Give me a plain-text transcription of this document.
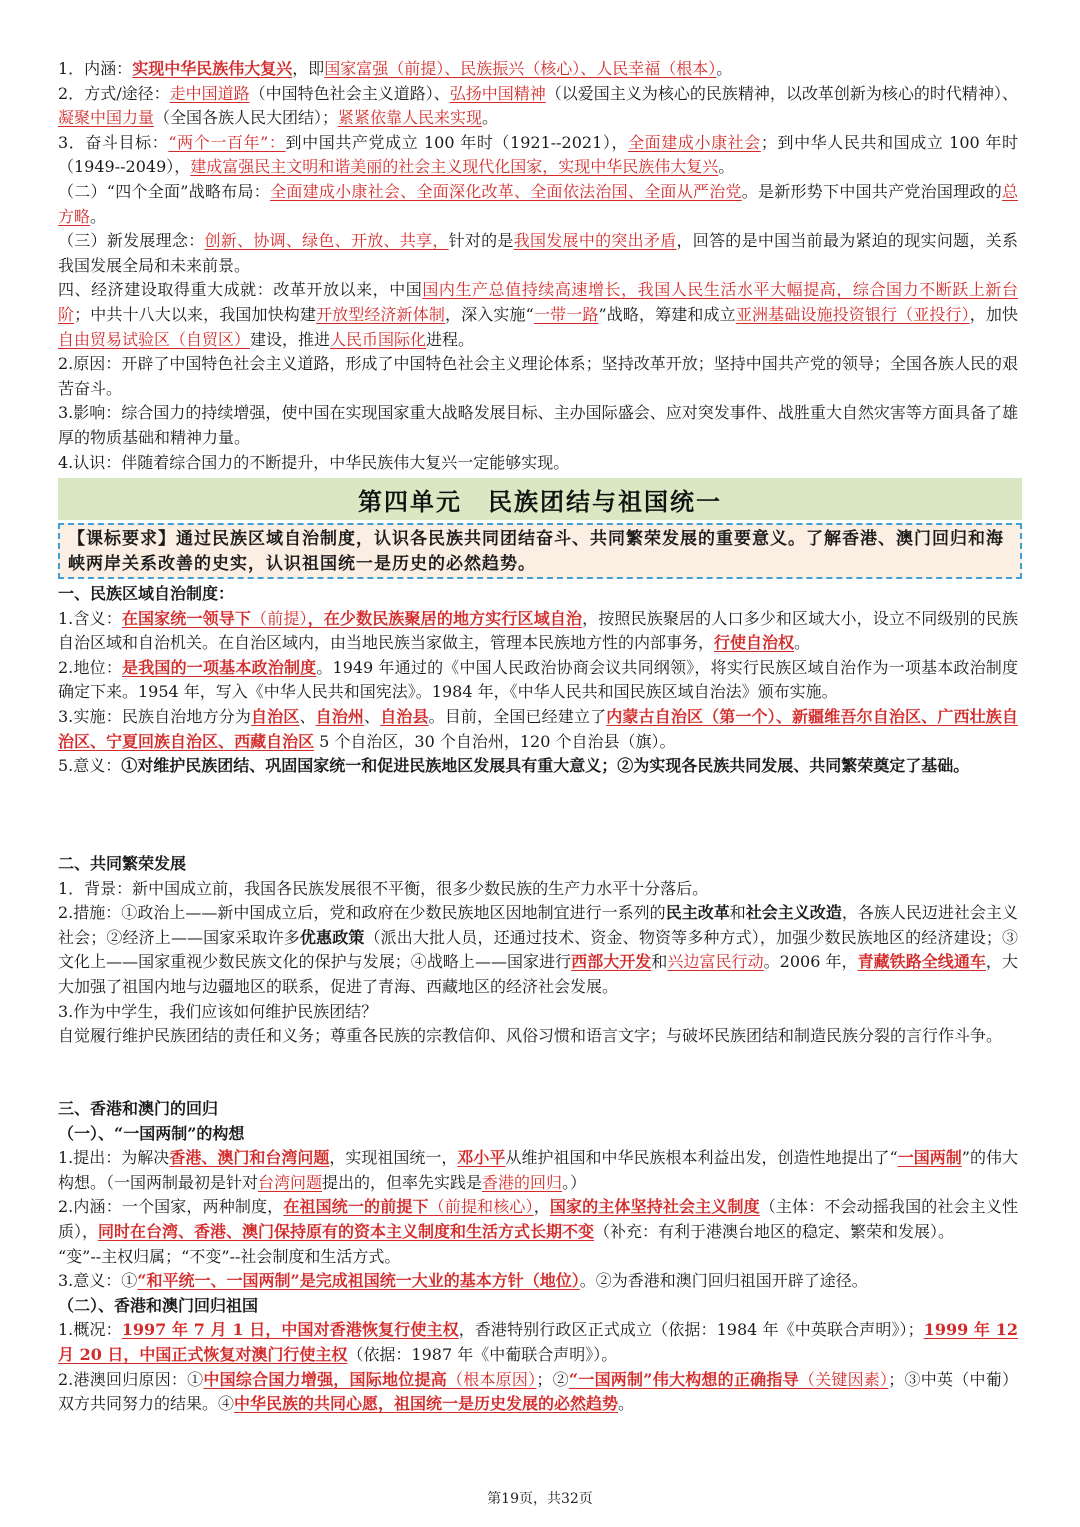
1．内涵：实现中华民族伟大复兴，即国家富强（前提）、民族振兴（核心）、人民幸福（根本）。

2．方式/途径：走中国道路（中国特色社会主义道路）、弘扬中国精神（以爱国主义为核心的民族精神，以改革创新为核心的时代精神）、凝聚中国力量（全国各族人民大团结）；紧紧依靠人民来实现。

3．奋斗目标：“两个一百年”：到中国共产党成立 100 年时（1921--2021），全面建成小康社会；到中华人民共和国成立 100 年时（1949--2049），建成富强民主文明和谐美丽的社会主义现代化国家，实现中华民族伟大复兴。

（二）“四个全面”战略布局：全面建成小康社会、全面深化改革、全面依法治国、全面从严治党。是新形势下中国共产党治国理政的总方略。

（三）新发展理念：创新、协调、绿色、开放、共享，针对的是我国发展中的突出矛盾，回答的是中国当前最为紧迫的现实问题，关系我国发展全局和未来前景。

四、经济建设取得重大成就：改革开放以来，中国国内生产总值持续高速增长，我国人民生活水平大幅提高，综合国力不断跃上新台阶；中共十八大以来，我国加快构建开放型经济新体制，深入实施“一带一路”战略，筹建和成立亚洲基础设施投资银行（亚投行），加快自由贸易试验区（自贸区）建设，推进人民币国际化进程。

2.原因：开辟了中国特色社会主义道路，形成了中国特色社会主义理论体系；坚持改革开放；坚持中国共产党的领导；全国各族人民的艰苦奋斗。

3.影响：综合国力的持续增强，使中国在实现国家重大战略发展目标、主办国际盛会、应对突发事件、战胜重大自然灾害等方面具备了雄厚的物质基础和精神力量。

4.认识：伴随着综合国力的不断提升，中华民族伟大复兴一定能够实现。

第四单元　民族团结与祖国统一

【课标要求】通过民族区域自治制度，认识各民族共同团结奋斗、共同繁荣发展的重要意义。了解香港、澳门回归和海峡两岸关系改善的史实，认识祖国统一是历史的必然趋势。

一、民族区域自治制度：

1.含义：在国家统一领导下（前提），在少数民族聚居的地方实行区域自治，按照民族聚居的人口多少和区域大小，设立不同级别的民族自治区域和自治机关。在自治区域内，由当地民族当家做主，管理本民族地方性的内部事务，行使自治权。

2.地位：是我国的一项基本政治制度。1949 年通过的《中国人民政治协商会议共同纲领》，将实行民族区域自治作为一项基本政治制度确定下来。1954 年，写入《中华人民共和国宪法》。1984 年，《中华人民共和国民族区域自治法》颁布实施。

3.实施：民族自治地方分为自治区、自治州、自治县。目前，全国已经建立了内蒙古自治区（第一个）、新疆维吾尔自治区、广西壮族自治区、宁夏回族自治区、西藏自治区 5 个自治区，30 个自治州，120 个自治县（旗）。

5.意义：①对维护民族团结、巩固国家统一和促进民族地区发展具有重大意义；②为实现各民族共同发展、共同繁荣奠定了基础。

二、共同繁荣发展

1．背景：新中国成立前，我国各民族发展很不平衡，很多少数民族的生产力水平十分落后。

2.措施：①政治上——新中国成立后，党和政府在少数民族地区因地制宜进行一系列的民主改革和社会主义改造，各族人民迈进社会主义社会；②经济上——国家采取许多优惠政策（派出大批人员，还通过技术、资金、物资等多种方式），加强少数民族地区的经济建设；③文化上——国家重视少数民族文化的保护与发展；④战略上——国家进行西部大开发和兴边富民行动。2006 年，青藏铁路全线通车，大大加强了祖国内地与边疆地区的联系，促进了青海、西藏地区的经济社会发展。

3.作为中学生，我们应该如何维护民族团结？

自觉履行维护民族团结的责任和义务；尊重各民族的宗教信仰、风俗习惯和语言文字；与破坏民族团结和制造民族分裂的言行作斗争。

三、香港和澳门的回归

（一）、“一国两制”的构想

1.提出：为解决香港、澳门和台湾问题，实现祖国统一，邓小平从维护祖国和中华民族根本利益出发，创造性地提出了“一国两制”的伟大构想。（一国两制最初是针对台湾问题提出的，但率先实践是香港的回归。）

2.内涵：一个国家，两种制度，在祖国统一的前提下（前提和核心），国家的主体坚持社会主义制度（主体：不会动摇我国的社会主义性质），同时在台湾、香港、澳门保持原有的资本主义制度和生活方式长期不变（补充：有利于港澳台地区的稳定、繁荣和发展）。

“变”--主权归属；“不变”--社会制度和生活方式。

3.意义：①“和平统一、一国两制”是完成祖国统一大业的基本方针（地位）。②为香港和澳门回归祖国开辟了途径。

（二）、香港和澳门回归祖国

1.概况：1997 年 7 月 1 日，中国对香港恢复行使主权，香港特别行政区正式成立（依据：1984 年《中英联合声明》）；1999 年 12 月 20 日，中国正式恢复对澳门行使主权（依据：1987 年《中葡联合声明》）。

2.港澳回归原因：①中国综合国力增强，国际地位提高（根本原因）；②“一国两制”伟大构想的正确指导（关键因素）；③中英（中葡）双方共同努力的结果。④中华民族的共同心愿，祖国统一是历史发展的必然趋势。

第19页，共32页
